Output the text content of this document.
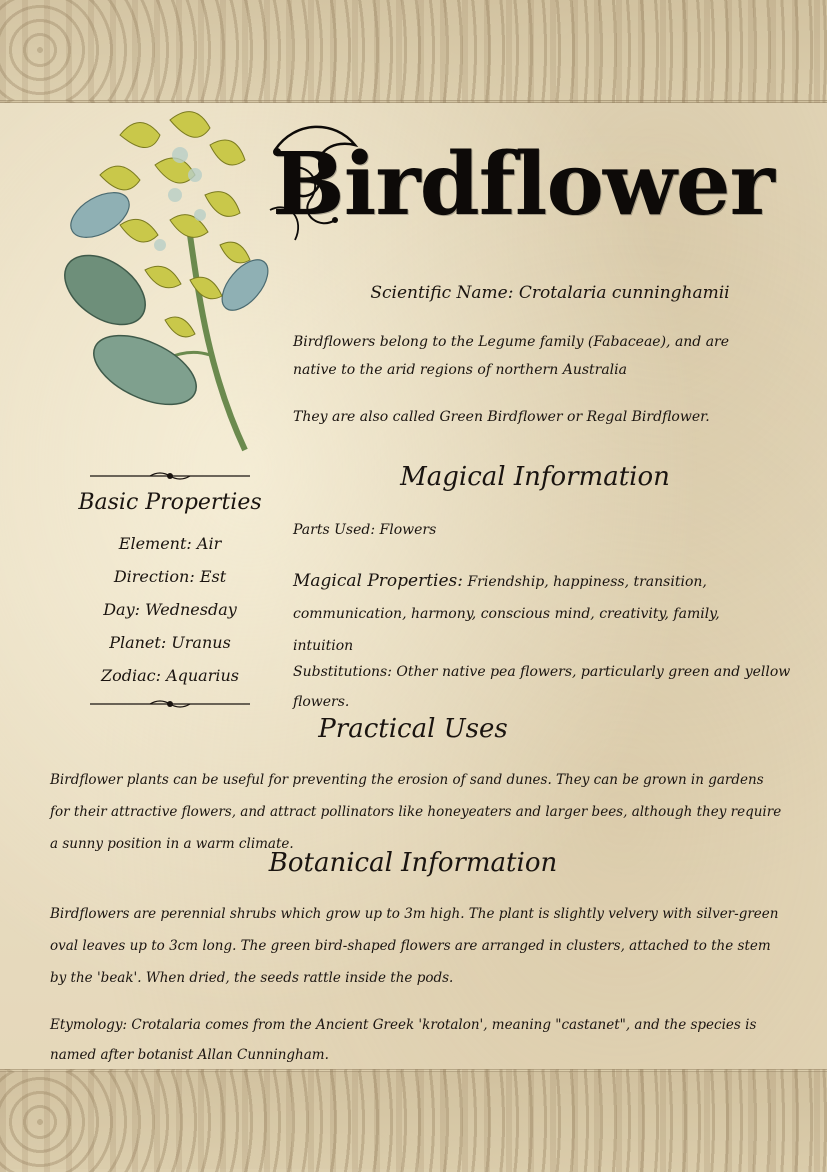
Birdflower
Scientific Name: Crotalaria cunninghamii
Birdflowers belong to the Legume family (Fabaceae), and are native to the arid regions of northern Australia
They are also called Green Birdflower or Regal Birdflower.
Basic Properties
Element: Air
Direction: Est
Day: Wednesday
Planet: Uranus
Zodiac: Aquarius
Magical Information
Parts Used: Flowers
Magical Properties: Friendship, happiness, transition, communication, harmony, conscious mind, creativity, family, intuition
Substitutions: Other native pea flowers, particularly green and yellow flowers.
Practical Uses
Birdflower plants can be useful for preventing the erosion of sand dunes. They can be grown in gardens for their attractive flowers, and attract pollinators like honeyeaters and larger bees, although they require a sunny position in a warm climate.
Botanical Information
Birdflowers are perennial shrubs which grow up to 3m high. The plant is slightly velvery with silver-green oval leaves up to 3cm long. The green bird-shaped flowers are arranged in clusters, attached to the stem by the 'beak'. When dried, the seeds rattle inside the pods.
Etymology: Crotalaria comes from the Ancient Greek 'krotalon', meaning "castanet", and the species is named after botanist Allan Cunningham.
